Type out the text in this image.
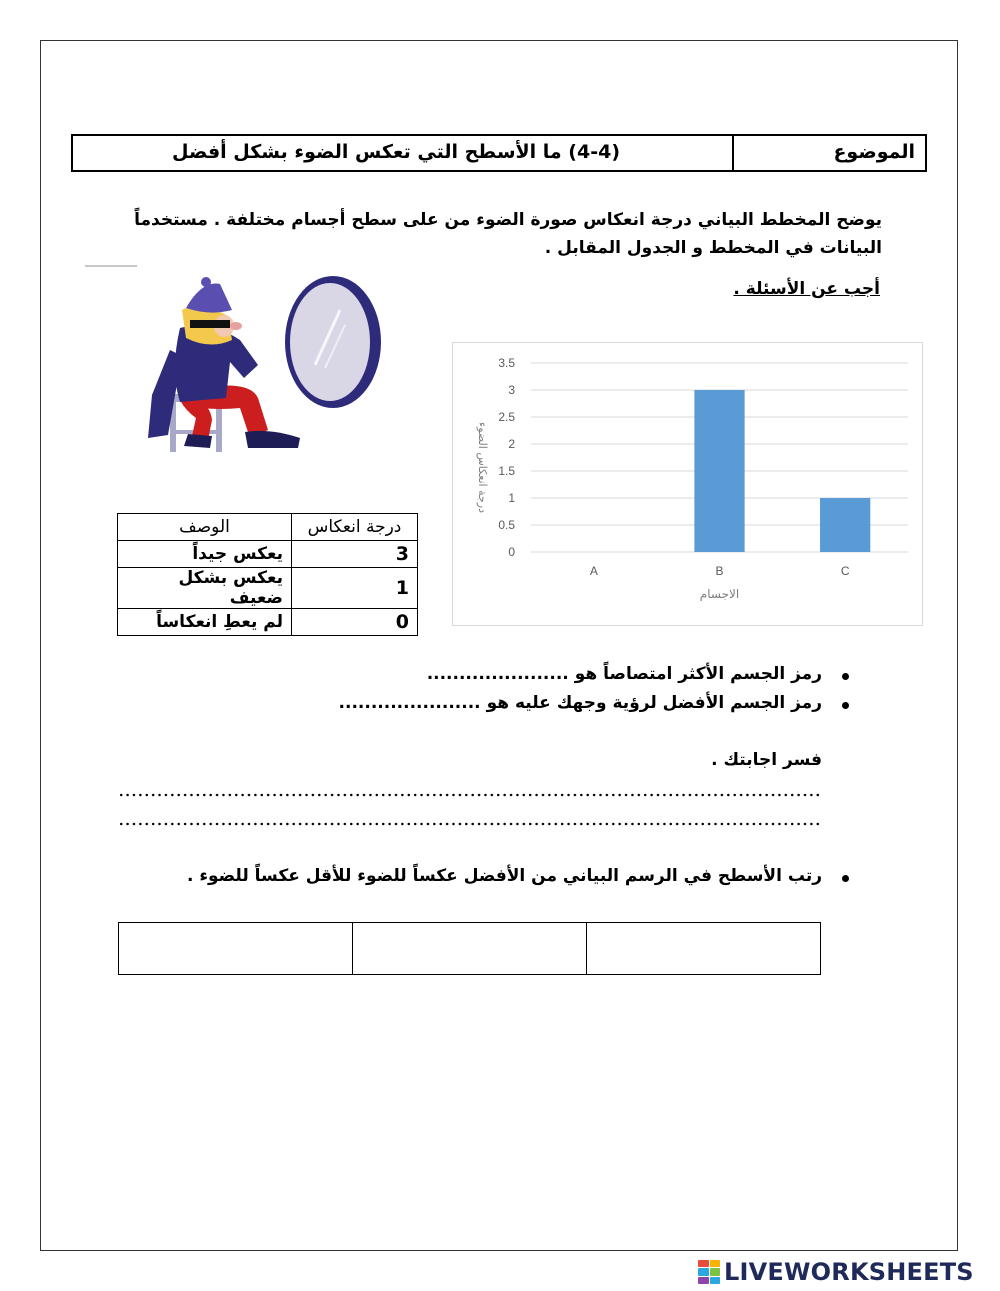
الموضوع
(4-4) ما الأسطح التي تعكس الضوء بشكل أفضل
يوضح المخطط البياني درجة انعكاس صورة الضوء من على سطح أجسام مختلفة . مستخدماً البيانات في المخطط و الجدول المقابل .
أجب عن الأسئلة .
درجة انعكاس	الوصف
3	يعكس جيداً
1	يعكس بشكل ضعيف
0	لم يعطِ انعكاساً
0
0.5
1
1.5
2
2.5
3
3.5
A	B	C
الاجسام
درجة انعكاس الضوء
رمز الجسم الأكثر امتصاصاً هو
......................
رمز الجسم الأفضل لرؤية وجهك عليه هو
......................
فسر اجابتك .
رتب الأسطح في الرسم البياني من الأفضل عكساً للضوء للأقل عكساً للضوء .
LIVEWORKSHEETS
